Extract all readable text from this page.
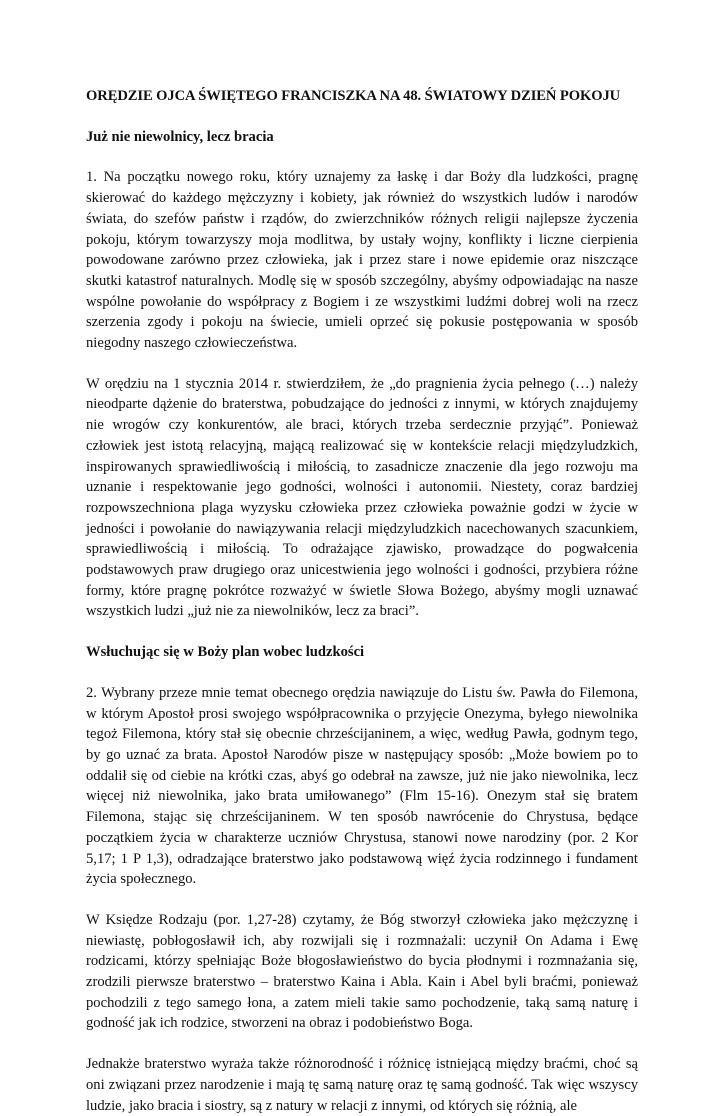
ORĘDZIE OJCA ŚWIĘTEGO FRANCISZKA NA 48. ŚWIATOWY DZIEŃ POKOJU

Już nie niewolnicy, lecz bracia

1. Na początku nowego roku, który uznajemy za łaskę i dar Boży dla ludzkości, pragnę skierować do każdego mężczyzny i kobiety, jak również do wszystkich ludów i narodów świata, do szefów państw i rządów, do zwierzchników różnych religii najlepsze życzenia pokoju, którym towarzyszy moja modlitwa, by ustały wojny, konflikty i liczne cierpienia powodowane zarówno przez człowieka, jak i przez stare i nowe epidemie oraz niszczące skutki katastrof naturalnych. Modlę się w sposób szczególny, abyśmy odpowiadając na nasze wspólne powołanie do współpracy z Bogiem i ze wszystkimi ludźmi dobrej woli na rzecz szerzenia zgody i pokoju na świecie, umieli oprzeć się pokusie postępowania w sposób niegodny naszego człowieczeństwa.

W orędziu na 1 stycznia 2014 r. stwierdziłem, że „do pragnienia życia pełnego (…) należy nieodparte dążenie do braterstwa, pobudzające do jedności z innymi, w których znajdujemy nie wrogów czy konkurentów, ale braci, których trzeba serdecznie przyjąć”. Ponieważ człowiek jest istotą relacyjną, mającą realizować się w kontekście relacji międzyludzkich, inspirowanych sprawiedliwością i miłością, to zasadnicze znaczenie dla jego rozwoju ma uznanie i respektowanie jego godności, wolności i autonomii. Niestety, coraz bardziej rozpowszechniona plaga wyzysku człowieka przez człowieka poważnie godzi w życie w jedności i powołanie do nawiązywania relacji międzyludzkich nacechowanych szacunkiem, sprawiedliwością i miłością. To odrażające zjawisko, prowadzące do pogwałcenia podstawowych praw drugiego oraz unicestwienia jego wolności i godności, przybiera różne formy, które pragnę pokrótce rozważyć w świetle Słowa Bożego, abyśmy mogli uznawać wszystkich ludzi „już nie za niewolników, lecz za braci”.

Wsłuchując się w Boży plan wobec ludzkości

2. Wybrany przeze mnie temat obecnego orędzia nawiązuje do Listu św. Pawła do Filemona, w którym Apostoł prosi swojego współpracownika o przyjęcie Onezyma, byłego niewolnika tegoż Filemona, który stał się obecnie chrześcijaninem, a więc, według Pawła, godnym tego, by go uznać za brata. Apostoł Narodów pisze w następujący sposób: „Może bowiem po to oddalił się od ciebie na krótki czas, abyś go odebrał na zawsze, już nie jako niewolnika, lecz więcej niż niewolnika, jako brata umiłowanego” (Flm 15-16). Onezym stał się bratem Filemona, stając się chrześcijaninem. W ten sposób nawrócenie do Chrystusa, będące początkiem życia w charakterze uczniów Chrystusa, stanowi nowe narodziny (por. 2 Kor 5,17; 1 P 1,3), odradzające braterstwo jako podstawową więź życia rodzinnego i fundament życia społecznego.

W Księdze Rodzaju (por. 1,27-28) czytamy, że Bóg stworzył człowieka jako mężczyznę i niewiastę, pobłogosławił ich, aby rozwijali się i rozmnażali: uczynił On Adama i Ewę rodzicami, którzy spełniając Boże błogosławieństwo do bycia płodnymi i rozmnażania się, zrodzili pierwsze braterstwo – braterstwo Kaina i Abla. Kain i Abel byli braćmi, ponieważ pochodzili z tego samego łona, a zatem mieli takie samo pochodzenie, taką samą naturę i godność jak ich rodzice, stworzeni na obraz i podobieństwo Boga.

Jednakże braterstwo wyraża także różnorodność i różnicę istniejącą między braćmi, choć są oni związani przez narodzenie i mają tę samą naturę oraz tę samą godność. Tak więc wszyscy ludzie, jako bracia i siostry, są z natury w relacji z innymi, od których się różnią, ale
